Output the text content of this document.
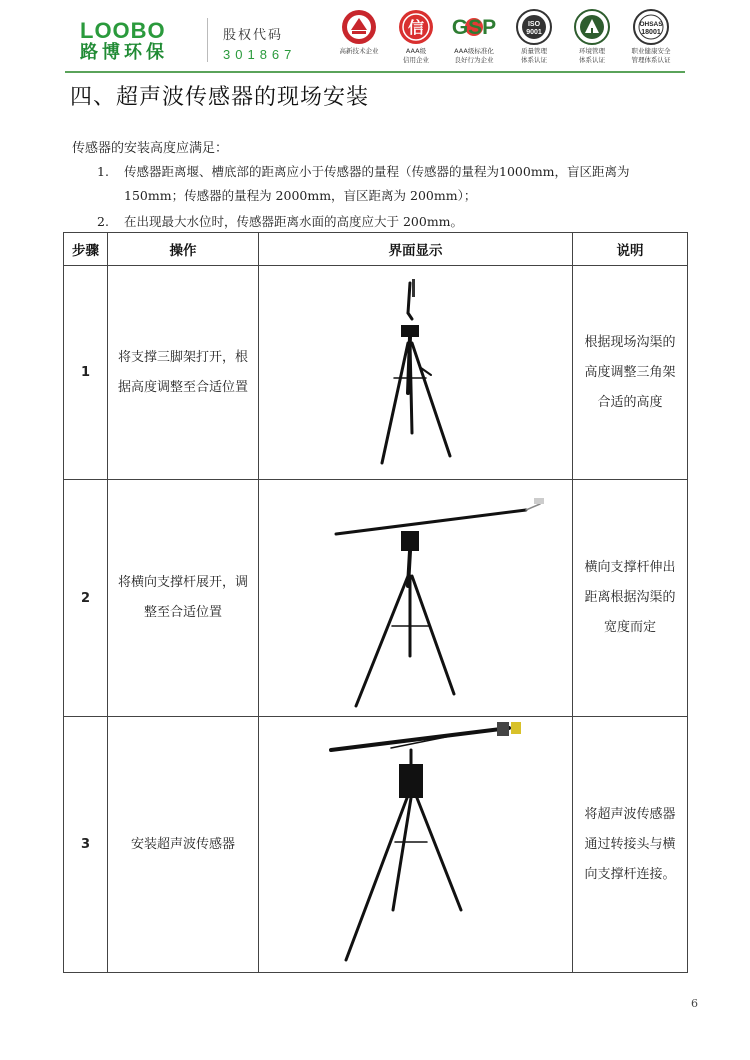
LOOBO
路博环保
股权代码
301867	高新技术企业
信
AAA级
信用企业
GSP
AAA级标准化
良好行为企业
ISO
9001
质量管理
体系认证
环境管理
体系认证
OHSAS
18001
职业健康安全
管理体系认证
四、超声波传感器的现场安装
传感器的安装高度应满足：
1.	传感器距离堰、槽底部的距离应小于传感器的量程（传感器的量程为1000mm，盲区距离为150mm；传感器的量程为 2000mm，盲区距离为 200mm）；
2.	在出现最大水位时，传感器距离水面的高度应大于 200mm。
步骤	操作	界面显示	说明
1	将支撑三脚架打开，根据高度调整至合适位置		根据现场沟渠的高度调整三角架合适的高度
2	将横向支撑杆展开，调整至合适位置		横向支撑杆伸出距离根据沟渠的宽度而定
3	安装超声波传感器		将超声波传感器通过转接头与横向支撑杆连接。
6
